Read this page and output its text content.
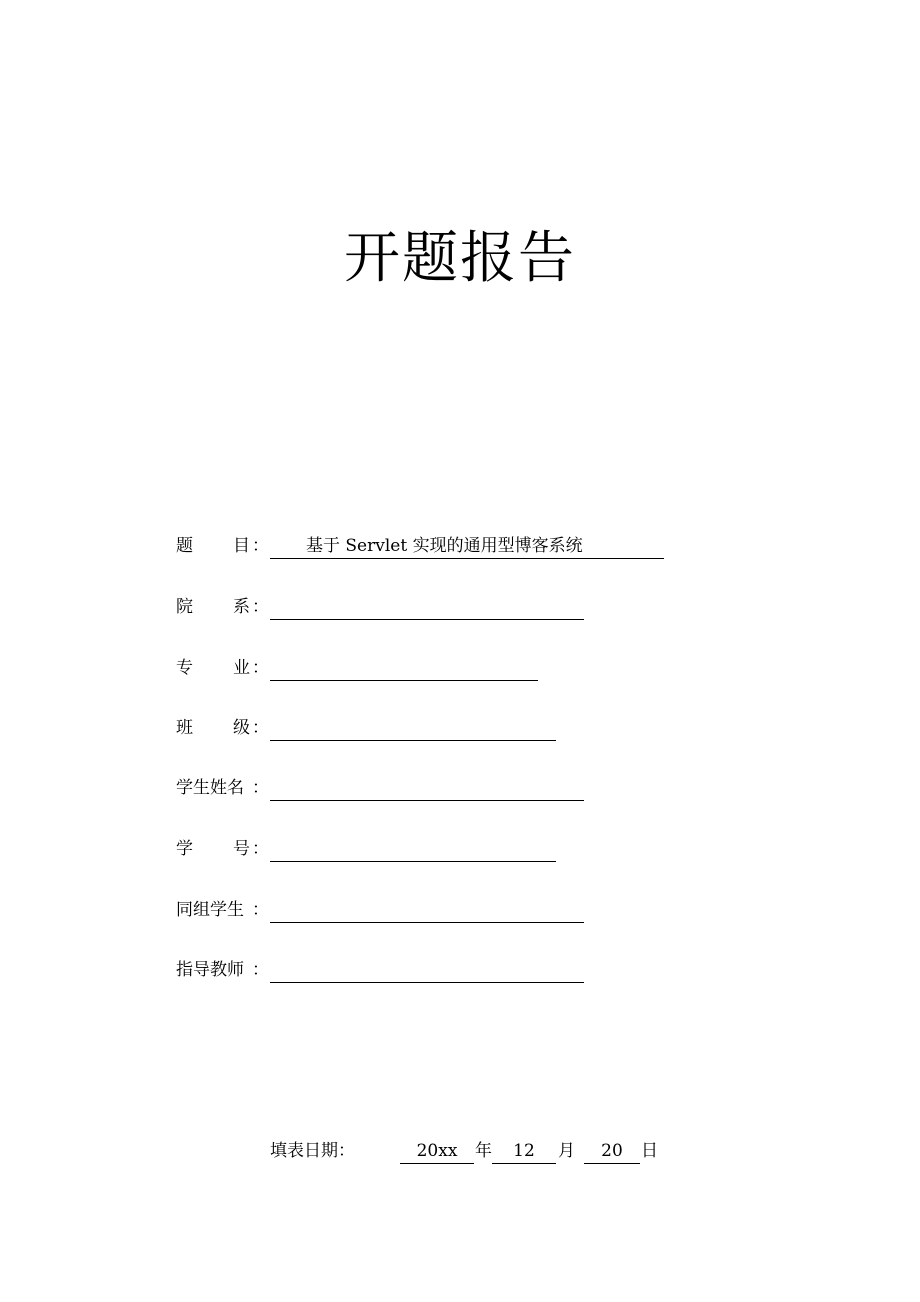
开题报告
题 目 ： 基于 Servlet 实现的通用型博客系统
院 系 ：
专 业 ：
班 级 ：
学生姓名 ：
学 号 ：
同组学生 ：
指导教师 ：
填表日期：	20xx	年	12	月	20	日
